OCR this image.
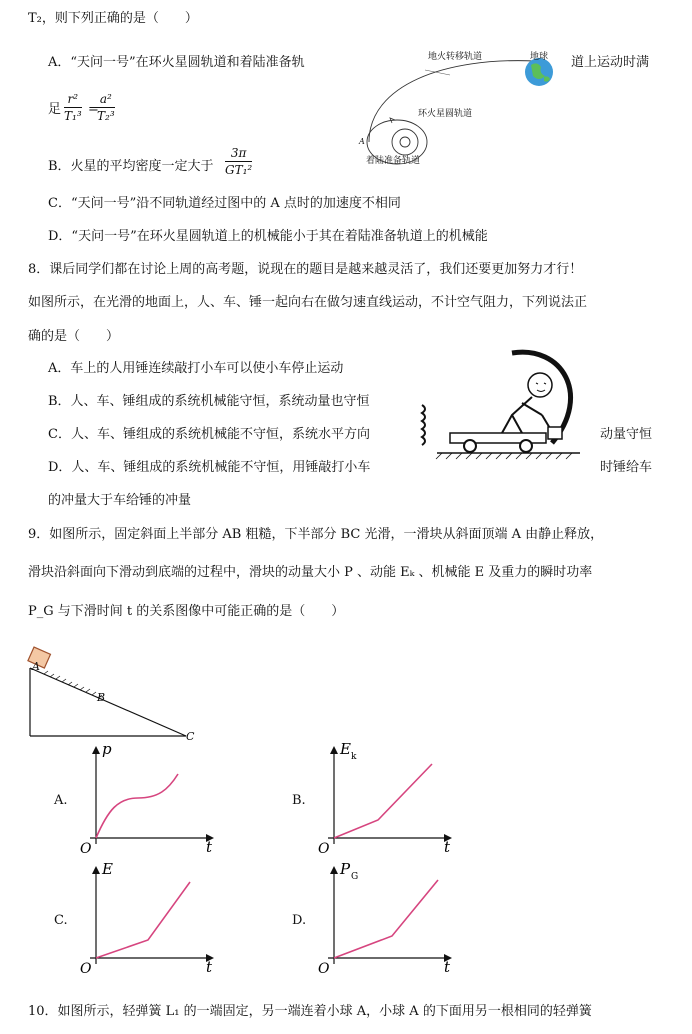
T₂，则下列正确的是（　　）
A．“天问一号”在环火星圆轨道和着陆准备轨	道上运动时满
足
r²
T₁³ =
a²
T₂³
B．火星的平均密度一定大于
3π
GT₁²
C．“天问一号”沿不同轨道经过图中的 A 点时的加速度不相同
D．“天问一号”在环火星圆轨道上的机械能小于其在着陆准备轨道上的机械能
地火转移轨道	地球
环火星圆轨道
着陆准备轨道
A
8．课后同学们都在讨论上周的高考题，说现在的题目是越来越灵活了，我们还要更加努力才行！
如图所示，在光滑的地面上，人、车、锤一起向右在做匀速直线运动，不计空气阻力，下列说法正
确的是（　　）
A．车上的人用锤连续敲打小车可以使小车停止运动
B．人、车、锤组成的系统机械能守恒，系统动量也守恒
C．人、车、锤组成的系统机械能不守恒，系统水平方向	动量守恒
D．人、车、锤组成的系统机械能不守恒，用锤敲打小车	时锤给车
的冲量大于车给锤的冲量
9．如图所示，固定斜面上半部分 AB 粗糙，下半部分 BC 光滑，一滑块从斜面顶端 A 由静止释放，
滑块沿斜面向下滑动到底端的过程中，滑块的动量大小 P 、动能 Eₖ 、机械能 E 及重力的瞬时功率
P_G 与下滑时间 t 的关系图像中可能正确的是（　　）
A
B
C
A.
p
t
O
B.
E k
t
O
C.
E
t
O
D.
P G
t
O
10．如图所示，轻弹簧 L₁ 的一端固定，另一端连着小球 A，小球 A 的下面用另一根相同的轻弹簧
